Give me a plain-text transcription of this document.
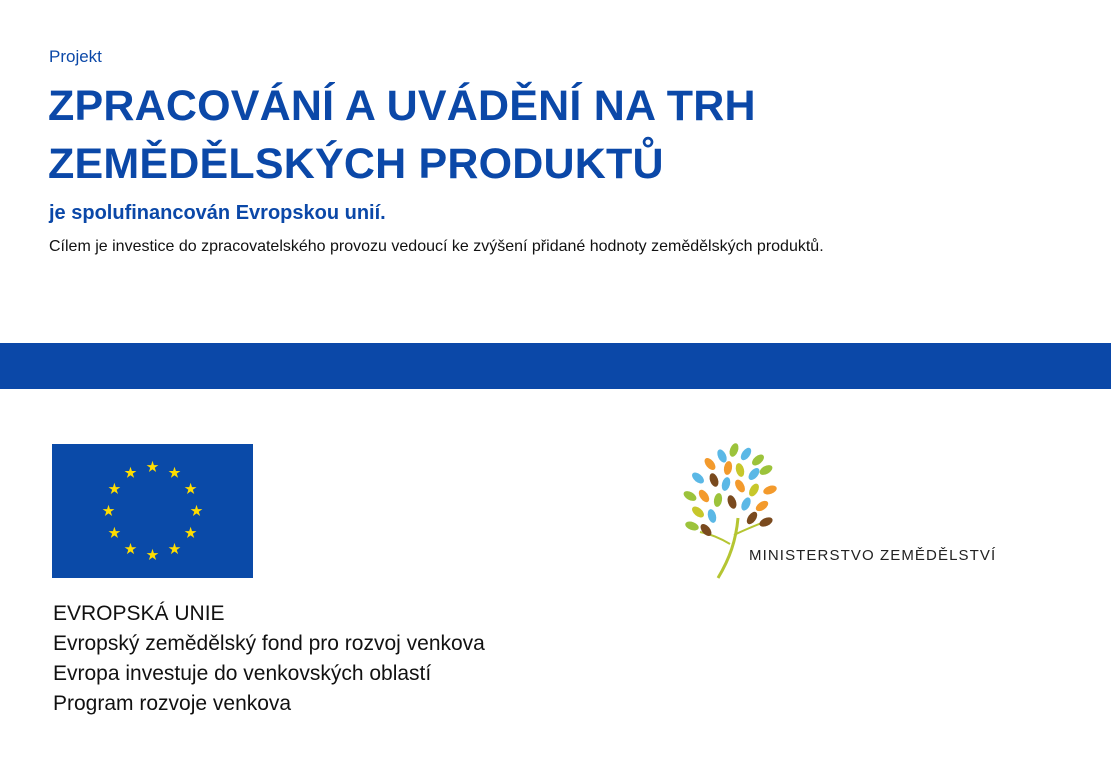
Projekt
ZPRACOVÁNÍ A UVÁDĚNÍ NA TRH
ZEMĚDĚLSKÝCH PRODUKTŮ
je spolufinancován Evropskou unií.
Cílem je investice do zpracovatelského provozu vedoucí ke zvýšení přidané hodnoty zemědělských produktů.
EVROPSKÁ UNIE
Evropský zemědělský fond pro rozvoj venkova
Evropa investuje do venkovských oblastí
Program rozvoje venkova
MINISTERSTVO ZEMĚDĚLSTVÍ
